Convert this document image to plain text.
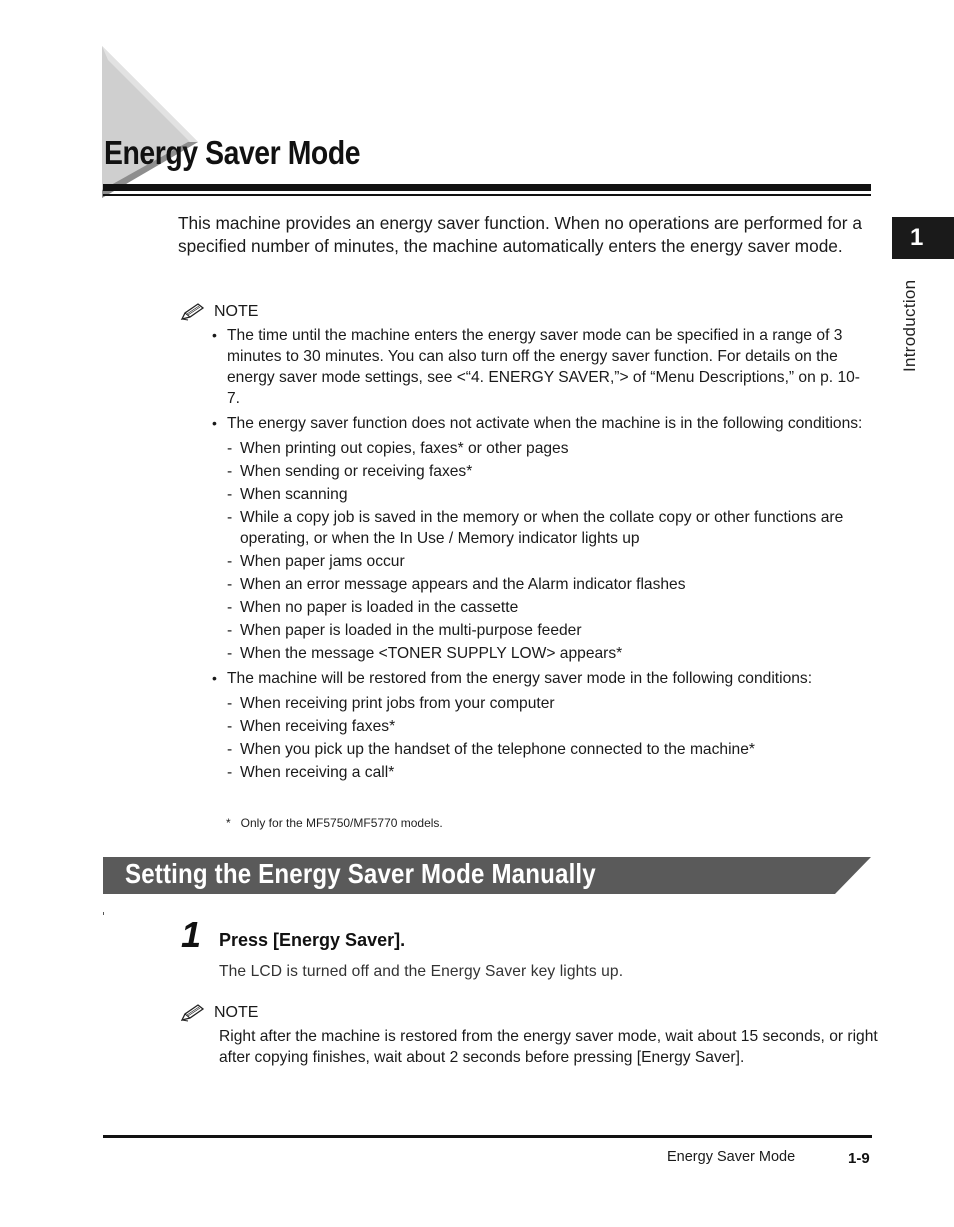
Energy Saver Mode
1
Introduction

This machine provides an energy saver function. When no operations are performed for a specified number of minutes, the machine automatically enters the energy saver mode.

NOTE
• The time until the machine enters the energy saver mode can be specified in a range of 3 minutes to 30 minutes. You can also turn off the energy saver function. For details on the energy saver mode settings, see <“4. ENERGY SAVER,”> of “Menu Descriptions,” on p. 10-7.
• The energy saver function does not activate when the machine is in the following conditions:
- When printing out copies, faxes* or other pages
- When sending or receiving faxes*
- When scanning
- While a copy job is saved in the memory or when the collate copy or other functions are operating, or when the In Use / Memory indicator lights up
- When paper jams occur
- When an error message appears and the Alarm indicator flashes
- When no paper is loaded in the cassette
- When paper is loaded in the multi-purpose feeder
- When the message <TONER SUPPLY LOW> appears*
• The machine will be restored from the energy saver mode in the following conditions:
- When receiving print jobs from your computer
- When receiving faxes*
- When you pick up the handset of the telephone connected to the machine*
- When receiving a call*
* Only for the MF5750/MF5770 models.
Setting the Energy Saver Mode Manually
1 Press [Energy Saver].
The LCD is turned off and the Energy Saver key lights up.
NOTE

Right after the machine is restored from the energy saver mode, wait about 15 seconds, or right after copying finishes, wait about 2 seconds before pressing [Energy Saver].

Energy Saver Mode	1-9
